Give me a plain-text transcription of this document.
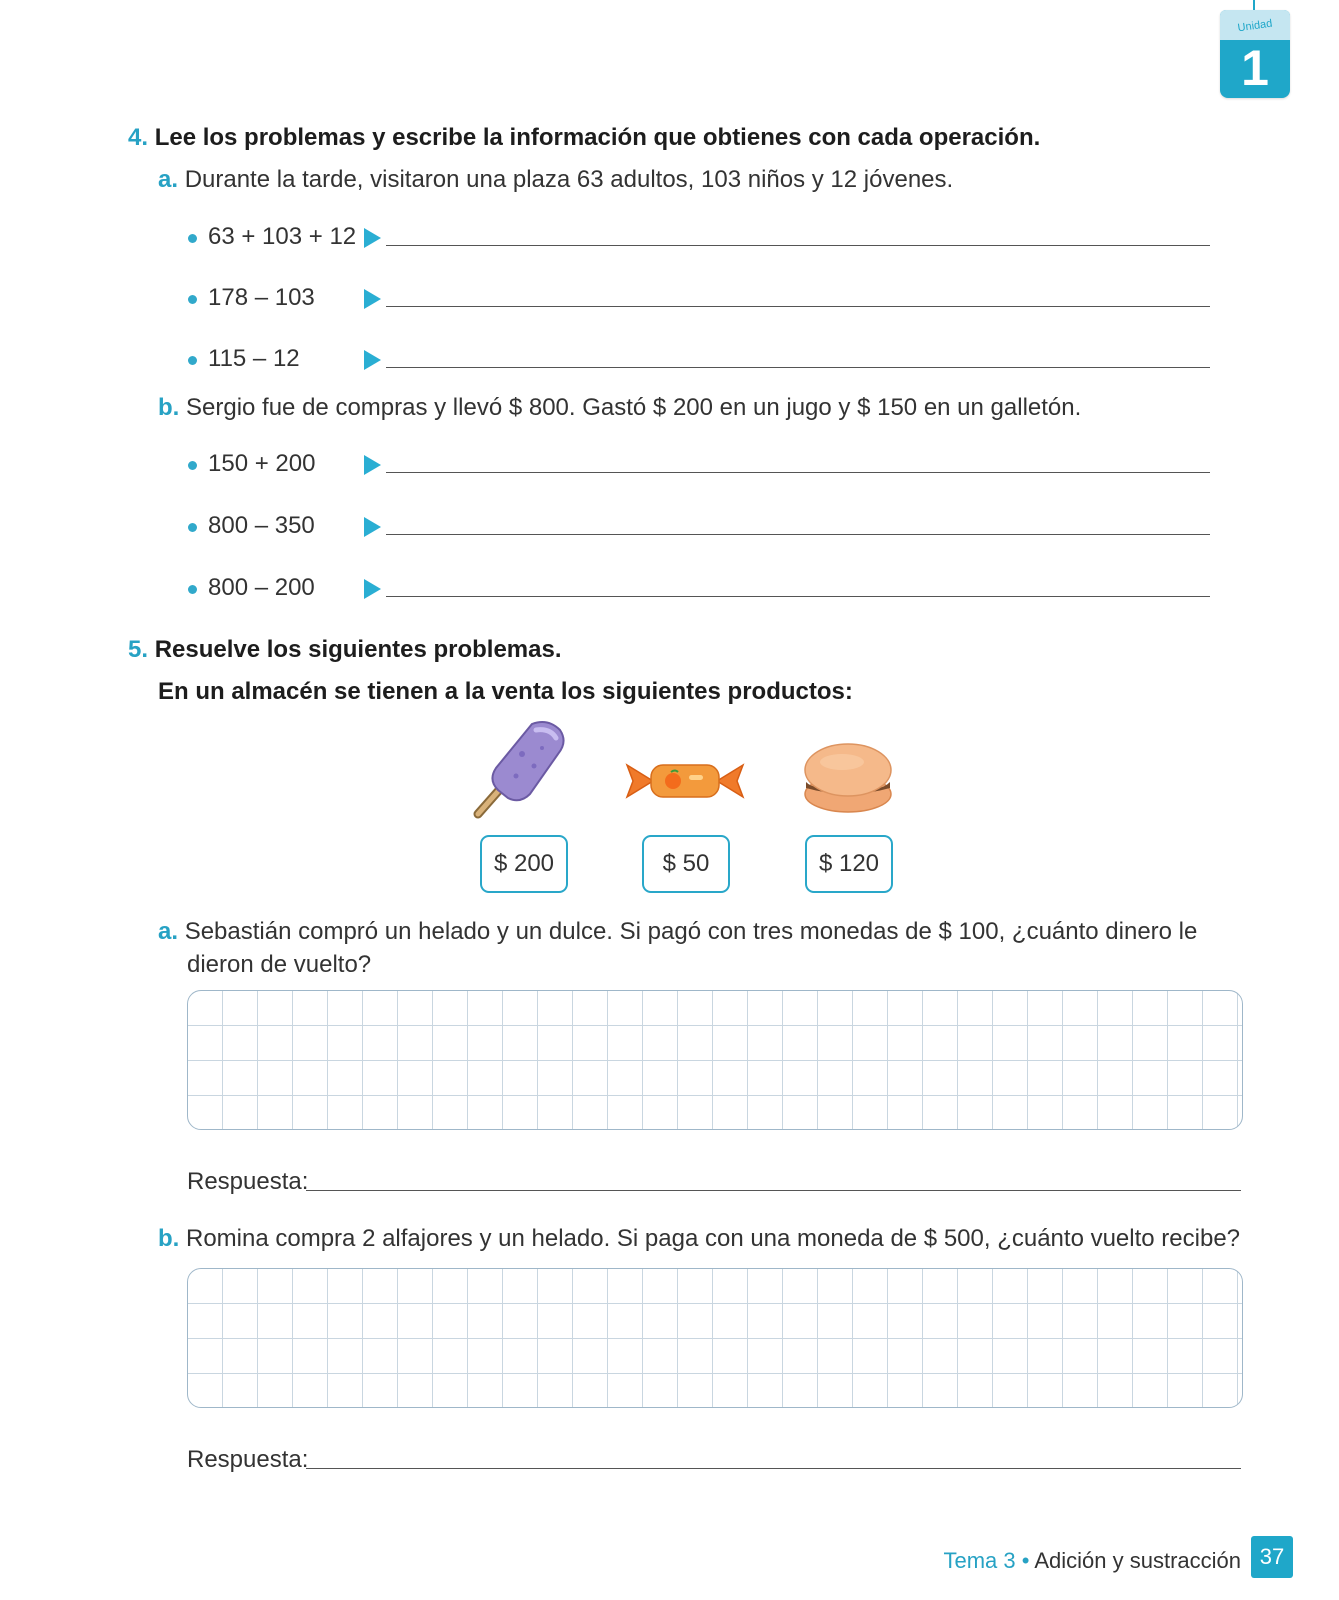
Unidad
1
4. Lee los problemas y escribe la información que obtienes con cada operación.
a. Durante la tarde, visitaron una plaza 63 adultos, 103 niños y 12 jóvenes.
63 + 103 + 12
178 – 103
115 – 12
b. Sergio fue de compras y llevó $ 800. Gastó $ 200 en un jugo y $ 150 en un galletón.
150 + 200
800 – 350
800 – 200
5. Resuelve los siguientes problemas.
En un almacén se tienen a la venta los siguientes productos:
$ 200	$ 50	$ 120
a. Sebastián compró un helado y un dulce. Si pagó con tres monedas de $ 100, ¿cuánto dinero le
dieron de vuelto?
Respuesta:
b. Romina compra 2 alfajores y un helado. Si paga con una moneda de $ 500, ¿cuánto vuelto recibe?
Respuesta:
Tema 3 • Adición y sustracción 37
